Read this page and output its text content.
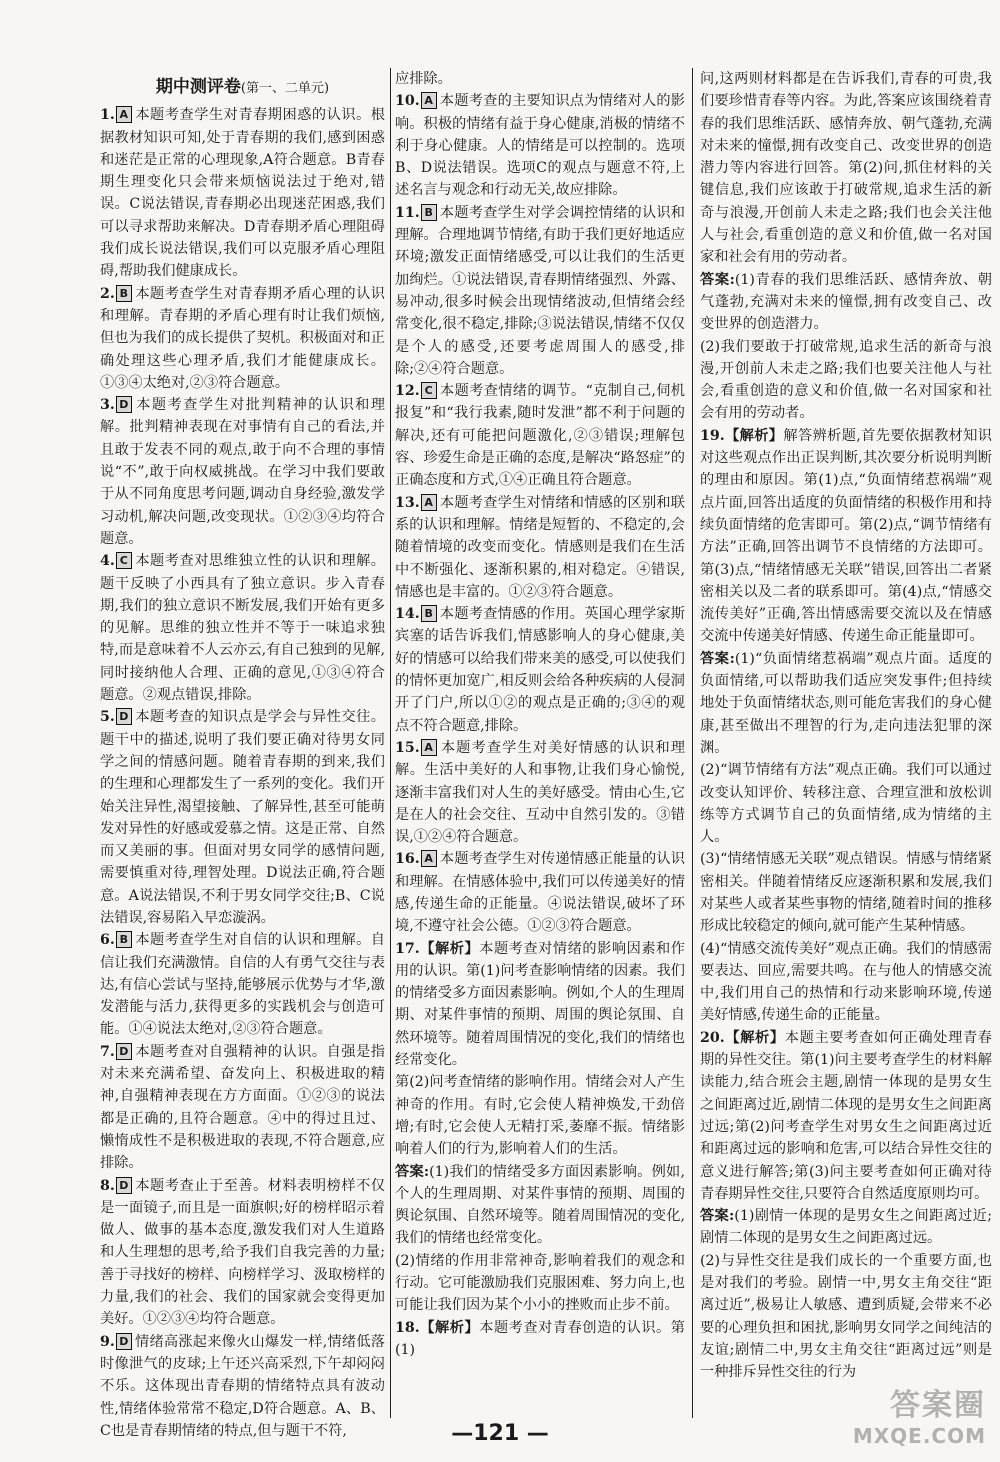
期中测评卷(第一、二单元)

1. A 本题考查学生对青春期困惑的认识。根据教材知识可知,处于青春期的我们,感到困惑和迷茫是正常的心理现象,A符合题意。B青春期生理变化只会带来烦恼说法过于绝对,错误。C说法错误,青春期必出现迷茫困惑,我们可以寻求帮助来解决。D青春期矛盾心理阻碍我们成长说法错误,我们可以克服矛盾心理阻碍,帮助我们健康成长。

2. B 本题考查学生对青春期矛盾心理的认识和理解。青春期的矛盾心理有时让我们烦恼,但也为我们的成长提供了契机。积极面对和正确处理这些心理矛盾,我们才能健康成长。①③④太绝对,②③符合题意。

3. D 本题考查学生对批判精神的认识和理解。批判精神表现在对事情有自己的看法,并且敢于发表不同的观点,敢于向不合理的事情说“不”,敢于向权威挑战。在学习中我们要敢于从不同角度思考问题,调动自身经验,激发学习动机,解决问题,改变现状。①②③④均符合题意。

4. C 本题考查对思维独立性的认识和理解。题干反映了小西具有了独立意识。步入青春期,我们的独立意识不断发展,我们开始有更多的见解。思维的独立性并不等于一味追求独特,而是意味着不人云亦云,有自己独到的见解,同时接纳他人合理、正确的意见,①③④符合题意。②观点错误,排除。

5. D 本题考查的知识点是学会与异性交往。题干中的描述,说明了我们要正确对待男女同学之间的情感问题。随着青春期的到来,我们的生理和心理都发生了一系列的变化。我们开始关注异性,渴望接触、了解异性,甚至可能萌发对异性的好感或爱慕之情。这是正常、自然而又美丽的事。但面对男女同学的感情问题,需要慎重对待,理智处理。D说法正确,符合题意。A说法错误,不利于男女同学交往;B、C说法错误,容易陷入早恋漩涡。

6. B 本题考查学生对自信的认识和理解。自信让我们充满激情。自信的人有勇气交往与表达,有信心尝试与坚持,能够展示优势与才华,激发潜能与活力,获得更多的实践机会与创造可能。①④说法太绝对,②③符合题意。

7. D 本题考查对自强精神的认识。自强是指对未来充满希望、奋发向上、积极进取的精神,自强精神表现在方方面面。①②③的说法都是正确的,且符合题意。④中的得过且过、懒惰成性不是积极进取的表现,不符合题意,应排除。

8. D 本题考查止于至善。材料表明榜样不仅是一面镜子,而且是一面旗帜;好的榜样昭示着做人、做事的基本态度,激发我们对人生道路和人生理想的思考,给予我们自我完善的力量;善于寻找好的榜样、向榜样学习、汲取榜样的力量,我们的社会、我们的国家就会变得更加美好。①②③④均符合题意。

9. D 情绪高涨起来像火山爆发一样,情绪低落时像泄气的皮球;上午还兴高采烈,下午却闷闷不乐。这体现出青春期的情绪特点具有波动性,情绪体验常常不稳定,D符合题意。A、B、C也是青春期情绪的特点,但与题干不符,

应排除。

10. A 本题考查的主要知识点为情绪对人的影响。积极的情绪有益于身心健康,消极的情绪不利于身心健康。人的情绪是可以控制的。选项B、D说法错误。选项C的观点与题意不符,上述名言与观念和行动无关,故应排除。

11. B 本题考查学生对学会调控情绪的认识和理解。合理地调节情绪,有助于我们更好地适应环境;激发正面情绪感受,可以让我们的生活更加绚烂。①说法错误,青春期情绪强烈、外露、易冲动,很多时候会出现情绪波动,但情绪会经常变化,很不稳定,排除;③说法错误,情绪不仅仅是个人的感受,还要考虑周围人的感受,排除;②④符合题意。

12. C 本题考查情绪的调节。“克制自己,伺机报复”和“我行我素,随时发泄”都不利于问题的解决,还有可能把问题激化,②③错误;理解包容、珍爱生命是正确的态度,是解决“路怒症”的正确态度和方式,①④正确且符合题意。

13. A 本题考查学生对情绪和情感的区别和联系的认识和理解。情绪是短暂的、不稳定的,会随着情境的改变而变化。情感则是我们在生活中不断强化、逐渐积累的,相对稳定。④错误,情感也是丰富的。①②③符合题意。

14. B 本题考查情感的作用。英国心理学家斯宾塞的话告诉我们,情感影响人的身心健康,美好的情感可以给我们带来美的感受,可以使我们的情怀更加宽广,相反则会给各种疾病的人侵洞开了门户,所以①②的观点是正确的;③④的观点不符合题意,排除。

15. A 本题考查学生对美好情感的认识和理解。生活中美好的人和事物,让我们身心愉悦,逐渐丰富我们对人生的美好感受。情由心生,它是在人的社会交往、互动中自然引发的。③错误,①②④符合题意。

16. A 本题考查学生对传递情感正能量的认识和理解。在情感体验中,我们可以传递美好的情感,传递生命的正能量。④说法错误,破坏了环境,不遵守社会公德。①②③符合题意。

17.【解析】本题考查对情绪的影响因素和作用的认识。第(1)问考查影响情绪的因素。我们的情绪受多方面因素影响。例如,个人的生理周期、对某件事情的预期、周围的舆论氛围、自然环境等。随着周围情况的变化,我们的情绪也经常变化。

第(2)问考查情绪的影响作用。情绪会对人产生神奇的作用。有时,它会使人精神焕发,干劲倍增;有时,它会使人无精打采,萎靡不振。情绪影响着人们的行为,影响着人们的生活。

答案:(1)我们的情绪受多方面因素影响。例如,个人的生理周期、对某件事情的预期、周围的舆论氛围、自然环境等。随着周围情况的变化,我们的情绪也经常变化。

(2)情绪的作用非常神奇,影响着我们的观念和行动。它可能激励我们克服困难、努力向上,也可能让我们因为某个小小的挫败而止步不前。

18.【解析】本题考查对青春创造的认识。第(1)

问,这两则材料都是在告诉我们,青春的可贵,我们要珍惜青春等内容。为此,答案应该围绕着青春的我们思维活跃、感情奔放、朝气蓬勃,充满对未来的憧憬,拥有改变自己、改变世界的创造潜力等内容进行回答。第(2)问,抓住材料的关键信息,我们应该敢于打破常规,追求生活的新奇与浪漫,开创前人未走之路;我们也会关注他人与社会,看重创造的意义和价值,做一名对国家和社会有用的劳动者。

答案:(1)青春的我们思维活跃、感情奔放、朝气蓬勃,充满对未来的憧憬,拥有改变自己、改变世界的创造潜力。

(2)我们要敢于打破常规,追求生活的新奇与浪漫,开创前人未走之路;我们也要关注他人与社会,看重创造的意义和价值,做一名对国家和社会有用的劳动者。

19.【解析】解答辨析题,首先要依据教材知识对这些观点作出正误判断,其次要分析说明判断的理由和原因。第(1)点,“负面情绪惹祸端”观点片面,回答出适度的负面情绪的积极作用和持续负面情绪的危害即可。第(2)点,“调节情绪有方法”正确,回答出调节不良情绪的方法即可。第(3)点,“情绪情感无关联”错误,回答出二者紧密相关以及二者的联系即可。第(4)点,“情感交流传美好”正确,答出情感需要交流以及在情感交流中传递美好情感、传递生命正能量即可。

答案:(1)“负面情绪惹祸端”观点片面。适度的负面情绪,可以帮助我们适应突发事件;但持续地处于负面情绪状态,则可能危害我们的身心健康,甚至做出不理智的行为,走向违法犯罪的深渊。

(2)“调节情绪有方法”观点正确。我们可以通过改变认知评价、转移注意、合理宣泄和放松训练等方式调节自己的负面情绪,成为情绪的主人。

(3)“情绪情感无关联”观点错误。情感与情绪紧密相关。伴随着情绪反应逐渐积累和发展,我们对某些人或者某些事物的情绪,随着时间的推移形成比较稳定的倾向,就可能产生某种情感。

(4)“情感交流传美好”观点正确。我们的情感需要表达、回应,需要共鸣。在与他人的情感交流中,我们用自己的热情和行动来影响环境,传递美好情感,传递生命的正能量。

20.【解析】本题主要考查如何正确处理青春期的异性交往。第(1)问主要考查学生的材料解读能力,结合班会主题,剧情一体现的是男女生之间距离过近,剧情二体现的是男女生之间距离过远;第(2)问考查学生对男女生之间距离过近和距离过远的影响和危害,可以结合异性交往的意义进行解答;第(3)问主要考查如何正确对待青春期异性交往,只要符合自然适度原则均可。

答案:(1)剧情一体现的是男女生之间距离过近;剧情二体现的是男女生之间距离过远。

(2)与异性交往是我们成长的一个重要方面,也是对我们的考验。剧情一中,男女主角交往“距离过近”,极易让人敏感、遭到质疑,会带来不必要的心理负担和困扰,影响男女同学之间纯洁的友谊;剧情二中,男女主角交往“距离过远”则是一种排斥异性交往的行为

—121 —
答案圈
MXQE.COM
